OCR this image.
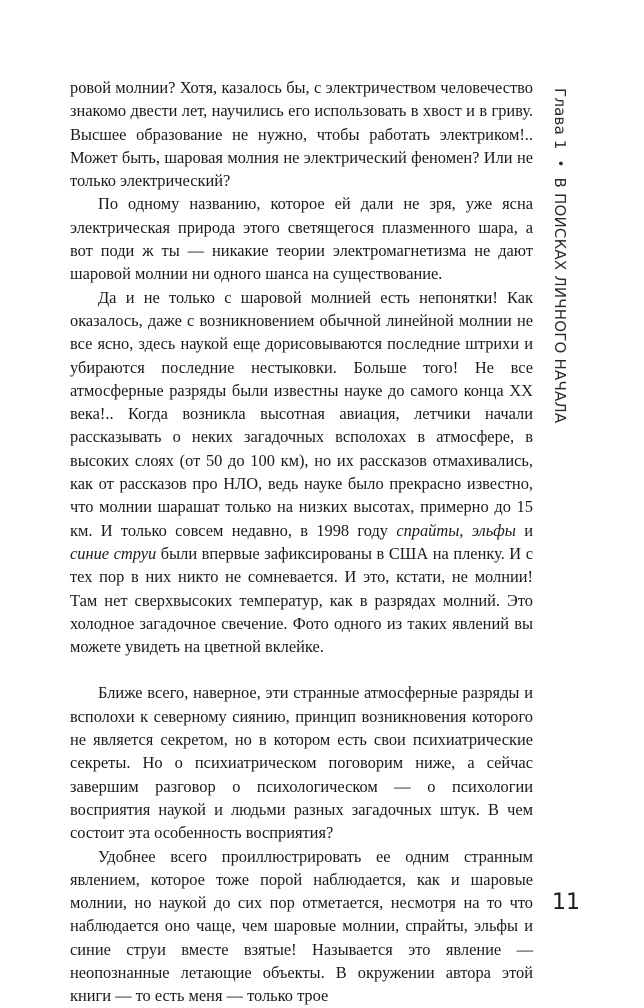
Глава 1
•
В ПОИСКАХ ЛИЧНОГО НАЧАЛА

ровой молнии? Хотя, казалось бы, с электричеством человечество знакомо двести лет, научились его использовать в хвост и в гриву. Высшее образование не нужно, чтобы работать электриком!.. Может быть, шаровая молния не электрический феномен? Или не только электрический?

По одному названию, которое ей дали не зря, уже ясна электрическая природа этого светящегося плазменного шара, а вот поди ж ты — никакие теории электромагнетизма не дают шаровой молнии ни одного шанса на существование.

Да и не только с шаровой молнией есть непонятки! Как оказалось, даже с возникновением обычной линейной молнии не все ясно, здесь наукой еще дорисовываются последние штрихи и убираются последние нестыковки. Больше того! Не все атмосферные разряды были известны науке до самого конца XX века!.. Когда возникла высотная авиация, летчики начали рассказывать о неких загадочных всполохах в атмосфере, в высоких слоях (от 50 до 100 км), но их рассказов отмахивались, как от рассказов про НЛО, ведь науке было прекрасно известно, что молнии шарашат только на низких высотах, примерно до 15 км. И только совсем недавно, в 1998 году спрайты, эльфы и синие струи были впервые зафиксированы в США на пленку. И с тех пор в них никто не сомневается. И это, кстати, не молнии! Там нет сверхвысоких температур, как в разрядах молний. Это холодное загадочное свечение. Фото одного из таких явлений вы можете увидеть на цветной вклейке.

Ближе всего, наверное, эти странные атмосферные разряды и всполохи к северному сиянию, принцип возникновения которого не является секретом, но в котором есть свои психиатрические секреты. Но о психиатрическом поговорим ниже, а сейчас завершим разговор о психологическом — о психологии восприятия наукой и людьми разных загадочных штук. В чем состоит эта особенность восприятия?

Удобнее всего проиллюстрировать ее одним странным явлением, которое тоже порой наблюдается, как и шаровые молнии, но наукой до сих пор отметается, несмотря на то что наблюдается оно чаще, чем шаровые молнии, спрайты, эльфы и синие струи вместе взятые! Называется это явление — неопознанные летающие объекты. В окружении автора этой книги — то есть меня — только трое

11
